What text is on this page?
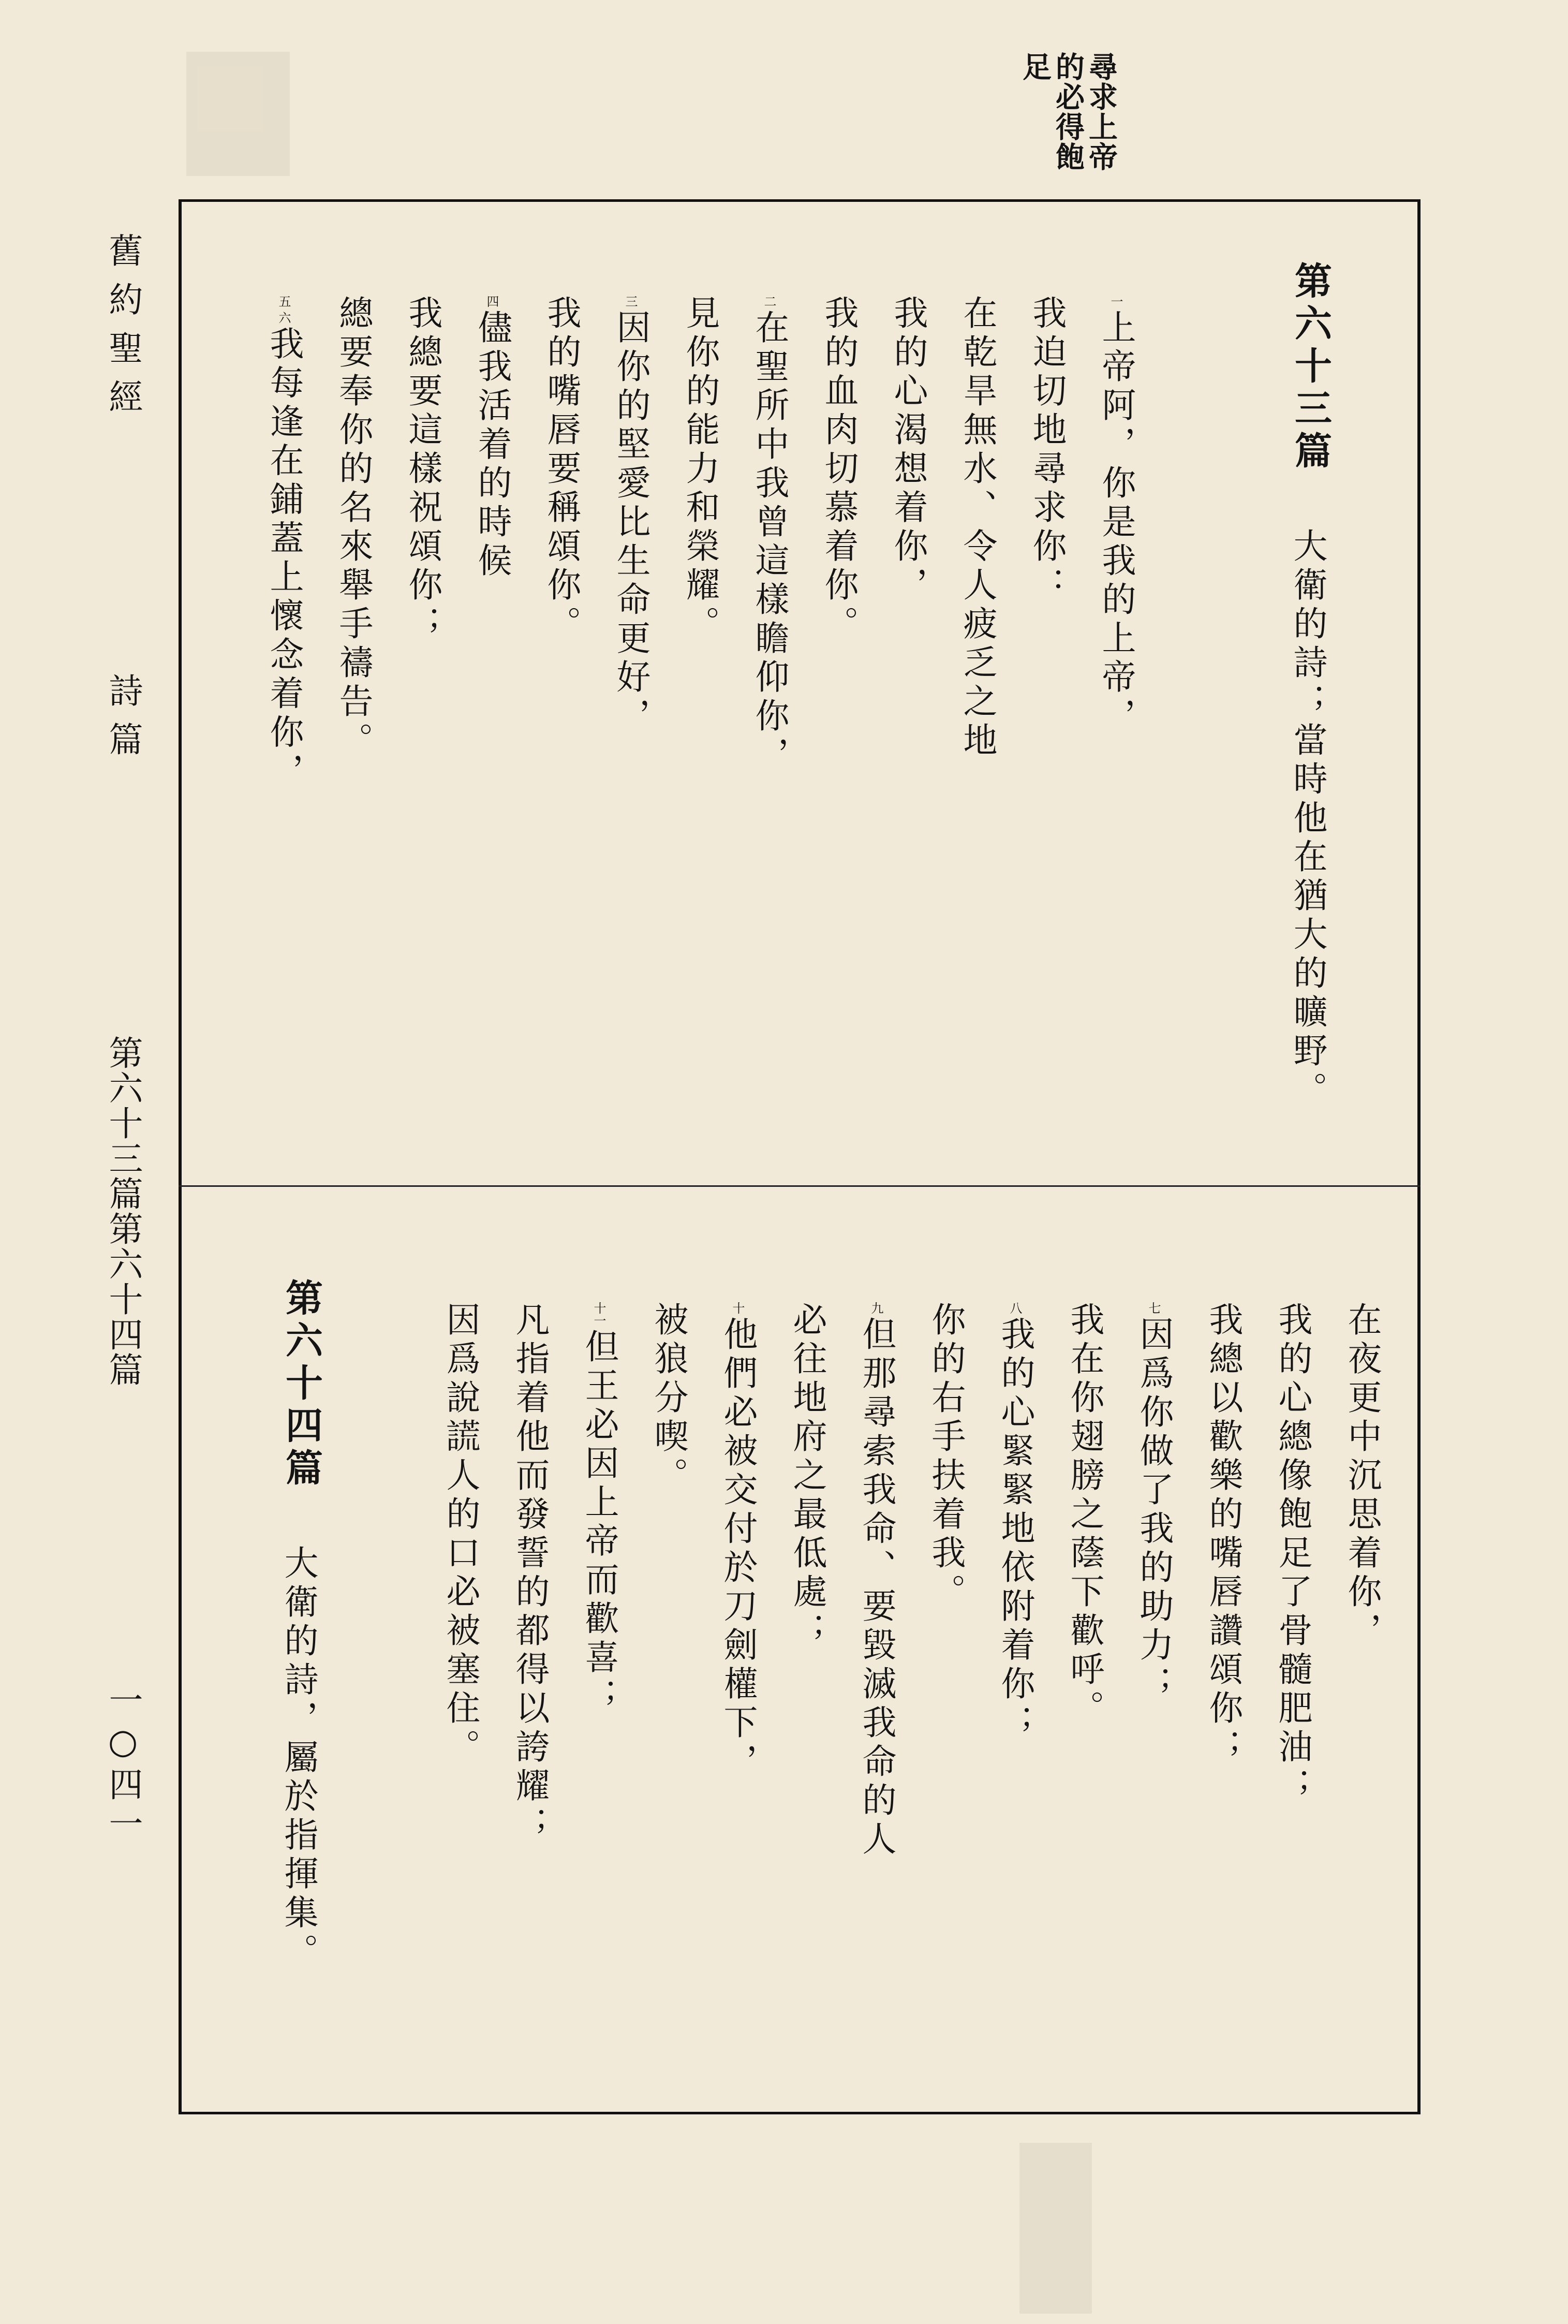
尋求上帝
的必得飽
足
舊約聖經
詩篇
第六十三篇第六十四篇
一○四一
第六十三篇
大衛的詩；當時他在猶大的曠野。
一上帝阿，你是我的上帝，
我迫切地尋求你：
在乾旱無水、令人疲乏之地
我的心渴想着你，
我的血肉切慕着你。
二在聖所中我曾這樣瞻仰你，
見你的能力和榮耀。
三因你的堅愛比生命更好，
我的嘴唇要稱頌你。
四儘我活着的時候
我總要這樣祝頌你；
總要奉你的名來舉手禱告。
五 六我每逢在鋪蓋上懷念着你，
在夜更中沉思着你，
我的心總像飽足了骨髓肥油；
我總以歡樂的嘴唇讚頌你；
七因爲你做了我的助力；
我在你翅膀之蔭下歡呼。
八我的心緊緊地依附着你；
你的右手扶着我。
九但那尋索我命、要毀滅我命的人
必往地府之最低處；
十他們必被交付於刀劍權下，
被狼分喫。
十一但王必因上帝而歡喜；
凡指着他而發誓的都得以誇耀；
因爲說謊人的口必被塞住。
第六十四篇
大衛的詩，屬於指揮集。
